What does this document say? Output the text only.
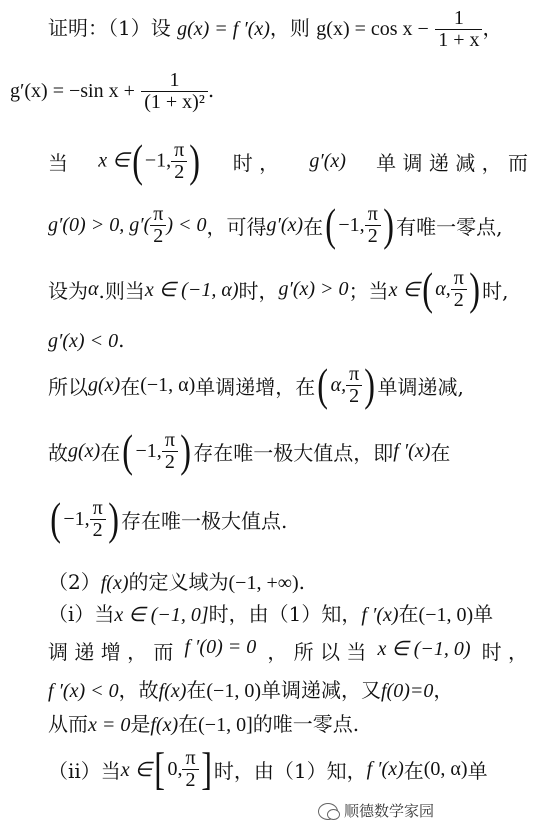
证明：（1）设 g(x) = f ′(x)，则 $g(x) = \cos x - \frac{1}{1 + x}$ ，
g′(x) = −sin $x + \frac{1}{\text{(1 + x)²}}$ .
当 x ∈( −1, $\frac{\pi}{2}$ ) 时 ， g′(x) 单 调 递 减 ， 而
g′(0) > 0, $g'( \frac{\pi}{2}$ ) < 0 ，可得 g′(x) 在 ( −1, $\frac{\pi}{2}$ ) 有唯一零点,
设为 α .则当 x ∈ (−1, α) 时， g′(x) > 0 ；当 x ∈ ( α, $\frac{\pi}{2}$ ) 时,
g′(x) < 0.
所以 g(x) 在 (−1, α) 单调递增，在 ( α, $\frac{\pi}{2}$ ) 单调递减,
故 g(x) 在 ( −1, $\frac{\pi}{2}$ ) 存在唯一极大值点，即 f ′(x) 在
( −1, $\frac{\pi}{2}$ ) 存在唯一极大值点.
（2）f(x)的定义域为(−1, +∞).
（i）当x ∈ (−1, 0]时，由（1）知，f ′(x)在(−1, 0)单
调 递 增 ， 而 f ′(0) = 0 ， 所 以 当 x ∈ (−1, 0) 时 ，
f ′(x) < 0，故f(x)在(−1, 0)单调递减，又f(0)=0，
从而x = 0是f(x)在(−1, 0]的唯一零点.
（ii）当 x ∈ [ 0, $\frac{\pi}{2}$ ] 时，由（1）知， f ′(x) 在 (0, α) 单
顺德数学家园
